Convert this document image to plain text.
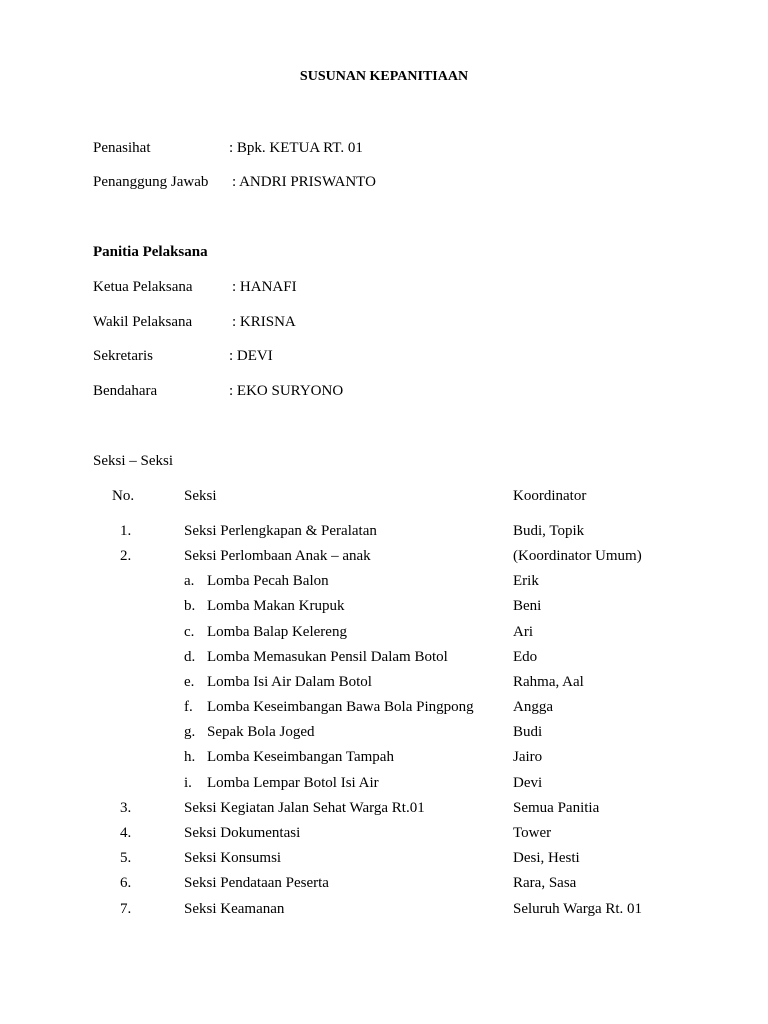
SUSUNAN KEPANITIAAN
Penasihat	: Bpk. KETUA RT. 01
Penanggung Jawab : ANDRI PRISWANTO
Panitia Pelaksana
Ketua Pelaksana	: HANAFI
Wakil Pelaksana	: KRISNA
Sekretaris	: DEVI
Bendahara	: EKO SURYONO
Seksi – Seksi
No.	Seksi	Koordinator
1.	Seksi Perlengkapan & Peralatan	Budi, Topik
2.	Seksi Perlombaan Anak – anak	(Koordinator Umum)
a. Lomba Pecah Balon	Erik
b. Lomba Makan Krupuk	Beni
c. Lomba Balap Kelereng	Ari
d. Lomba Memasukan Pensil Dalam Botol	Edo
e. Lomba Isi Air Dalam Botol	Rahma, Aal
f. Lomba Keseimbangan Bawa Bola Pingpong	Angga
g. Sepak Bola Joged	Budi
h. Lomba Keseimbangan Tampah	Jairo
i. Lomba Lempar Botol Isi Air	Devi
3.	Seksi Kegiatan Jalan Sehat Warga Rt.01	Semua Panitia
4.	Seksi Dokumentasi	Tower
5.	Seksi Konsumsi	Desi, Hesti
6.	Seksi Pendataan Peserta	Rara, Sasa
7.	Seksi Keamanan	Seluruh Warga Rt. 01
